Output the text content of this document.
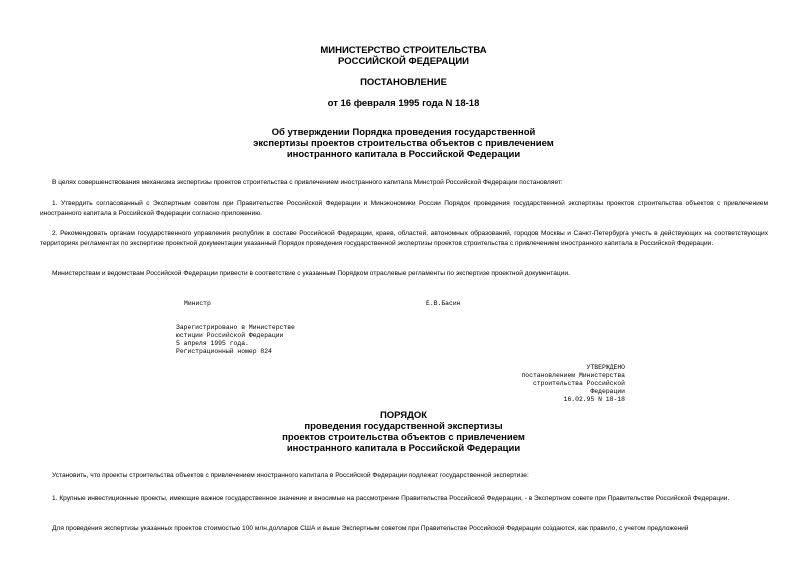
МИНИСТЕРСТВО СТРОИТЕЛЬСТВА
РОССИЙСКОЙ ФЕДЕРАЦИИ
ПОСТАНОВЛЕНИЕ
от 16 февраля 1995 года N 18-18
Об утверждении Порядка проведения государственной
экспертизы проектов строительства объектов с привлечением
иностранного капитала в Российской Федерации
В целях совершенствования механизма экспертизы проектов строительства с привлечением иностранного капитала Минстрой Российской Федерации постановляет:
1. Утвердить согласованный с Экспертным советом при Правительстве Российской Федерации и Минэкономики России Порядок проведения государственной экспертизы проектов строительства объектов с привлечением иностранного капитала в Российской Федерации согласно приложению.
2. Рекомендовать органам государственного управления республик в составе Российской Федерации, краев, областей, автономных образований, городов Москвы и Санкт-Петербурга учесть в действующих на соответствующих территориях регламентах по экспертизе проектной документации указанный Порядок проведения государственной экспертизы проектов строительства с привлечением иностранного капитала в Российской Федерации.
Министерствам и ведомствам Российской Федерации привести в соответствие с указанным Порядком отраслевые регламенты по экспертизе проектной документации.
Министр	Е.В.Басин
Зарегистрировано в Министерстве
юстиции Российской Федерации
5 апреля 1995 года.
Регистрационный номер 824
УТВЕРЖДЕНО
постановлением Министерства
строительства Российской
Федерации
16.02.95 N 18-18
ПОРЯДОК
проведения государственной экспертизы
проектов строительства объектов с привлечением
иностранного капитала в Российской Федерации
Установить, что проекты строительства объектов с привлечением иностранного капитала в Российской Федерации подлежат государственной экспертизе:
1. Крупные инвестиционные проекты, имеющие важное государственное значение и вносимые на рассмотрение Правительства Российской Федерации, - в Экспертном совете при Правительстве Российской Федерации.
Для проведения экспертизы указанных проектов стоимостью 100 млн.долларов США и выше Экспертным советом при Правительстве Российской Федерации создаются, как правило, с учетом предложений
